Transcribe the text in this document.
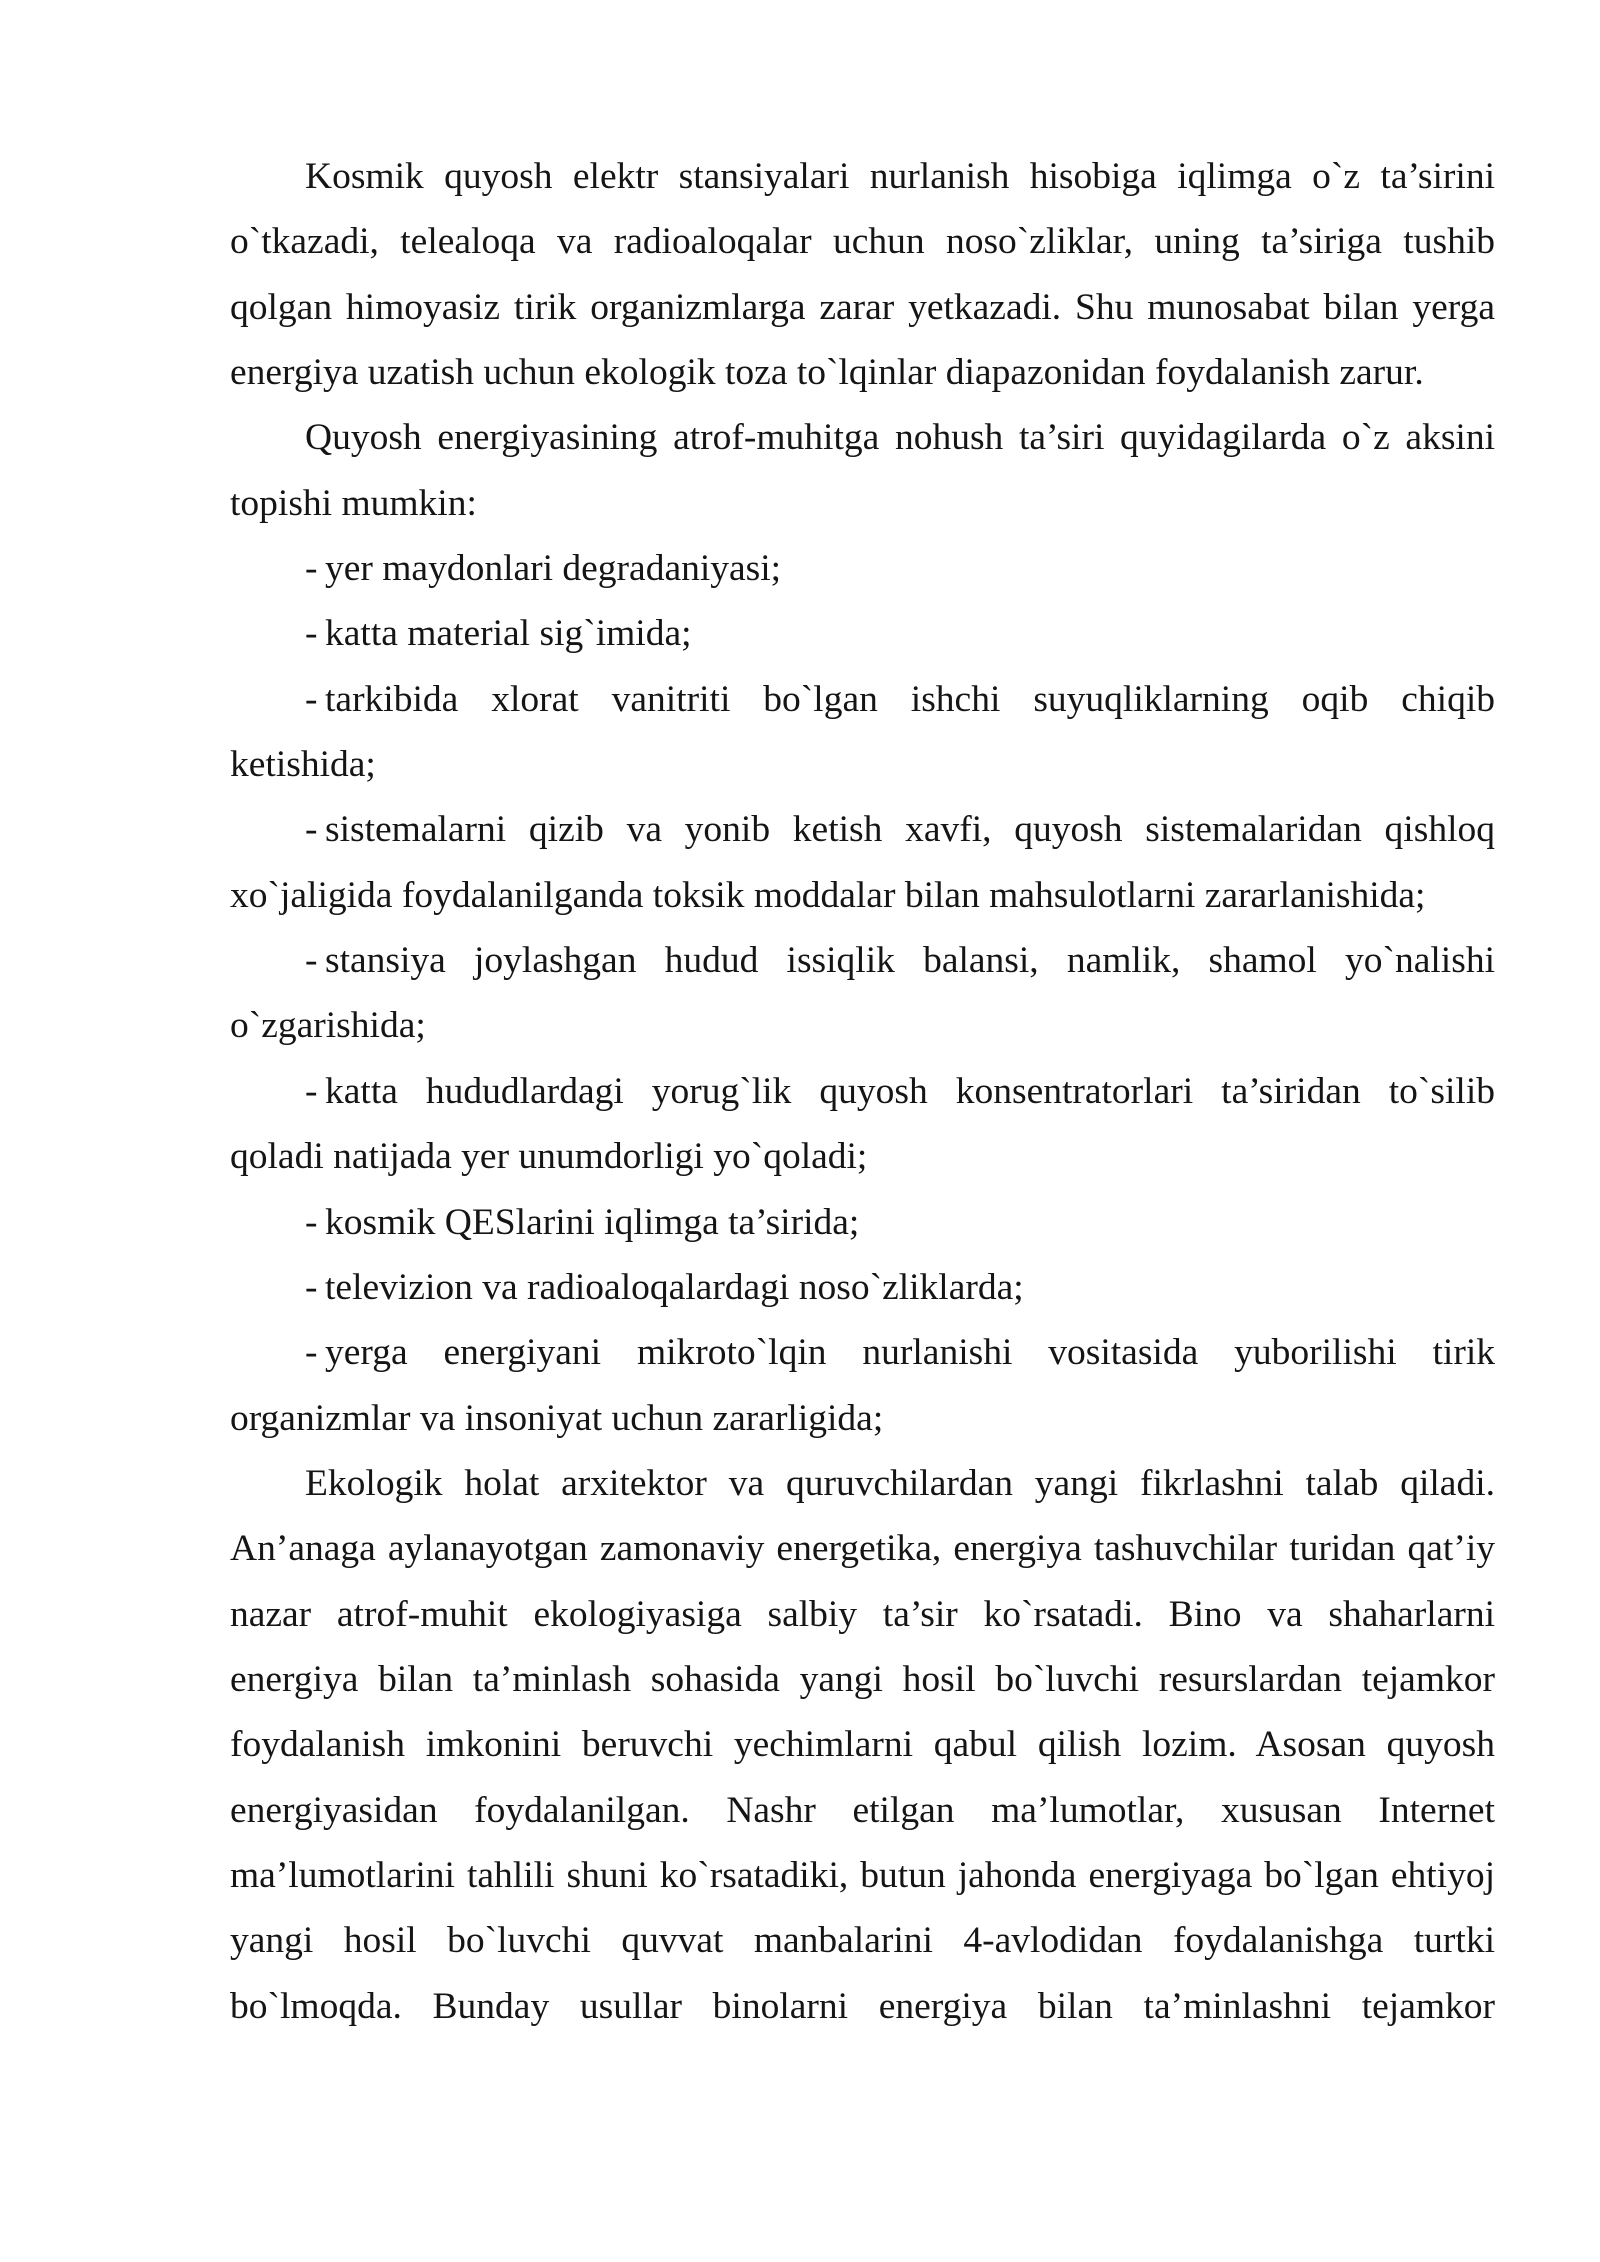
Kosmik quyosh elektr stansiyalari nurlanish hisobiga iqlimga o`z ta’sirini
o`tkazadi, telealoqa va radioaloqalar uchun noso`zliklar, uning ta’siriga tushib
qolgan himoyasiz tirik organizmlarga zarar yetkazadi. Shu munosabat bilan yerga
energiya uzatish uchun ekologik toza to`lqinlar diapazonidan foydalanish zarur.
Quyosh energiyasining atrof-muhitga nohush ta’siri quyidagilarda o`z aksini
topishi mumkin:
- yer maydonlari degradaniyasi;
- katta material sig`imida;
- tarkibida xlorat vanitriti bo`lgan ishchi suyuqliklarning oqib chiqib
ketishida;
- sistemalarni qizib va yonib ketish xavfi, quyosh sistemalaridan qishloq
xo`jaligida foydalanilganda toksik moddalar bilan mahsulotlarni zararlanishida;
- stansiya joylashgan hudud issiqlik balansi, namlik, shamol yo`nalishi
o`zgarishida;
- katta hududlardagi yorug`lik quyosh konsentratorlari ta’siridan to`silib
qoladi natijada yer unumdorligi yo`qoladi;
- kosmik QESlarini iqlimga ta’sirida;
- televizion va radioaloqalardagi noso`zliklarda;
- yerga energiyani mikroto`lqin nurlanishi vositasida yuborilishi tirik
organizmlar va insoniyat uchun zararligida;
Ekologik holat arxitektor va quruvchilardan yangi fikrlashni talab qiladi.
An’anaga aylanayotgan zamonaviy energetika, energiya tashuvchilar turidan qat’iy
nazar atrof-muhit ekologiyasiga salbiy ta’sir ko`rsatadi. Bino va shaharlarni
energiya bilan ta’minlash sohasida yangi hosil bo`luvchi resurslardan tejamkor
foydalanish imkonini beruvchi yechimlarni qabul qilish lozim. Asosan quyosh
energiyasidan foydalanilgan. Nashr etilgan ma’lumotlar, xususan Internet
ma’lumotlarini tahlili shuni ko`rsatadiki, butun jahonda energiyaga bo`lgan ehtiyoj
yangi hosil bo`luvchi quvvat manbalarini 4-avlodidan foydalanishga turtki
bo`lmoqda. Bunday usullar binolarni energiya bilan ta’minlashni tejamkor
